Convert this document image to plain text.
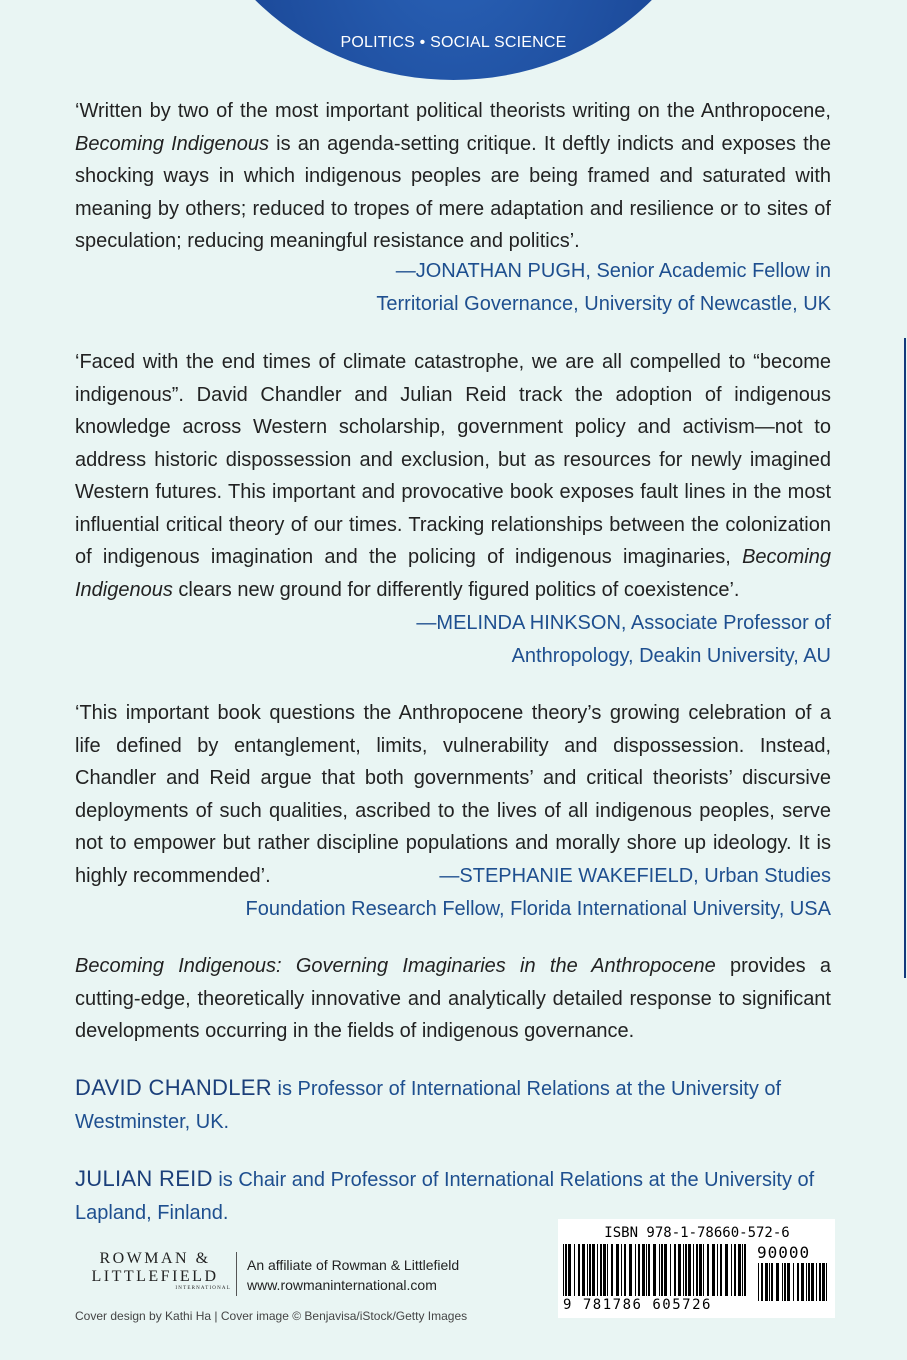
POLITICS • SOCIAL SCIENCE

‘Written by two of the most important political theorists writing on the Anthropocene, Becoming Indigenous is an agenda-setting critique. It deftly indicts and exposes the shocking ways in which indigenous peoples are being framed and saturated with meaning by others; reduced to tropes of mere adaptation and resilience or to sites of speculation; reducing meaningful resistance and politics’.

—JONATHAN PUGH, Senior Academic Fellow in
Territorial Governance, University of Newcastle, UK

‘Faced with the end times of climate catastrophe, we are all compelled to “become indigenous”. David Chandler and Julian Reid track the adoption of indigenous knowledge across Western scholarship, government policy and activism—not to address historic dispossession and exclusion, but as resources for newly imagined Western futures. This important and provocative book exposes fault lines in the most influential critical theory of our times. Tracking relationships between the colonization of indigenous imagination and the policing of indigenous imaginaries, Becoming Indigenous clears new ground for differently figured politics of coexistence’.

—MELINDA HINKSON, Associate Professor of
Anthropology, Deakin University, AU

‘This important book questions the Anthropocene theory’s growing celebration of a life defined by entanglement, limits, vulnerability and dispossession. Instead, Chandler and Reid argue that both governments’ and critical theorists’ discursive deployments of such qualities, ascribed to the lives of all indigenous peoples, serve not to empower but rather discipline populations and morally shore up ideology. It is highly recommended’.	—STEPHANIE WAKEFIELD, Urban Studies
Foundation Research Fellow, Florida International University, USA

Becoming Indigenous: Governing Imaginaries in the Anthropocene provides a cutting-edge, theoretically innovative and analytically detailed response to significant developments occurring in the fields of indigenous governance.

DAVID CHANDLER is Professor of International Relations at the University of Westminster, UK.

JULIAN REID is Chair and Professor of International Relations at the University of Lapland, Finland.

ROWMAN &
LITTLEFIELD
INTERNATIONAL
An affiliate of Rowman & Littlefield
www.rowmaninternational.com
Cover design by Kathi Ha | Cover image © Benjavisa/iStock/Getty Images
ISBN 978-1-78660-572-6
90000
9 781786 605726
